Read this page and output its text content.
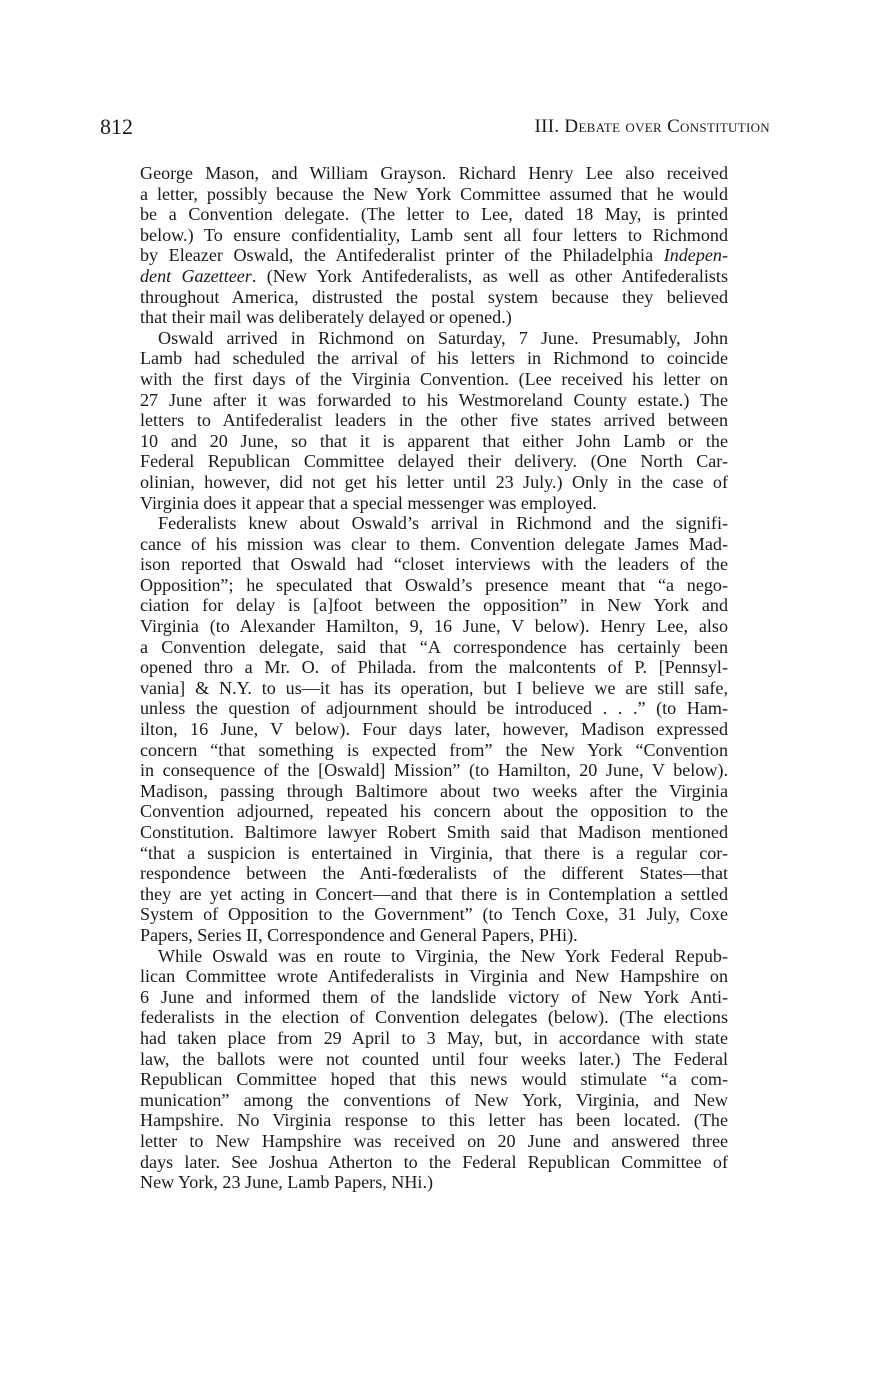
812	III. Debate over Constitution
George Mason, and William Grayson. Richard Henry Lee also received
a letter, possibly because the New York Committee assumed that he would
be a Convention delegate. (The letter to Lee, dated 18 May, is printed
below.) To ensure confidentiality, Lamb sent all four letters to Richmond
by Eleazer Oswald, the Antifederalist printer of the Philadelphia Indepen-
dent Gazetteer. (New York Antifederalists, as well as other Antifederalists
throughout America, distrusted the postal system because they believed
that their mail was deliberately delayed or opened.)
Oswald arrived in Richmond on Saturday, 7 June. Presumably, John
Lamb had scheduled the arrival of his letters in Richmond to coincide
with the first days of the Virginia Convention. (Lee received his letter on
27 June after it was forwarded to his Westmoreland County estate.) The
letters to Antifederalist leaders in the other five states arrived between
10 and 20 June, so that it is apparent that either John Lamb or the
Federal Republican Committee delayed their delivery. (One North Car-
olinian, however, did not get his letter until 23 July.) Only in the case of
Virginia does it appear that a special messenger was employed.
Federalists knew about Oswald’s arrival in Richmond and the signifi-
cance of his mission was clear to them. Convention delegate James Mad-
ison reported that Oswald had “closet interviews with the leaders of the
Opposition”; he speculated that Oswald’s presence meant that “a nego-
ciation for delay is [a]foot between the opposition” in New York and
Virginia (to Alexander Hamilton, 9, 16 June, V below). Henry Lee, also
a Convention delegate, said that “A correspondence has certainly been
opened thro a Mr. O. of Philada. from the malcontents of P. [Pennsyl-
vania] & N.Y. to us—it has its operation, but I believe we are still safe,
unless the question of adjournment should be introduced . . .” (to Ham-
ilton, 16 June, V below). Four days later, however, Madison expressed
concern “that something is expected from” the New York “Convention
in consequence of the [Oswald] Mission” (to Hamilton, 20 June, V below).
Madison, passing through Baltimore about two weeks after the Virginia
Convention adjourned, repeated his concern about the opposition to the
Constitution. Baltimore lawyer Robert Smith said that Madison mentioned
“that a suspicion is entertained in Virginia, that there is a regular cor-
respondence between the Anti-fœderalists of the different States—that
they are yet acting in Concert—and that there is in Contemplation a settled
System of Opposition to the Government” (to Tench Coxe, 31 July, Coxe
Papers, Series II, Correspondence and General Papers, PHi).
While Oswald was en route to Virginia, the New York Federal Repub-
lican Committee wrote Antifederalists in Virginia and New Hampshire on
6 June and informed them of the landslide victory of New York Anti-
federalists in the election of Convention delegates (below). (The elections
had taken place from 29 April to 3 May, but, in accordance with state
law, the ballots were not counted until four weeks later.) The Federal
Republican Committee hoped that this news would stimulate “a com-
munication” among the conventions of New York, Virginia, and New
Hampshire. No Virginia response to this letter has been located. (The
letter to New Hampshire was received on 20 June and answered three
days later. See Joshua Atherton to the Federal Republican Committee of
New York, 23 June, Lamb Papers, NHi.)
